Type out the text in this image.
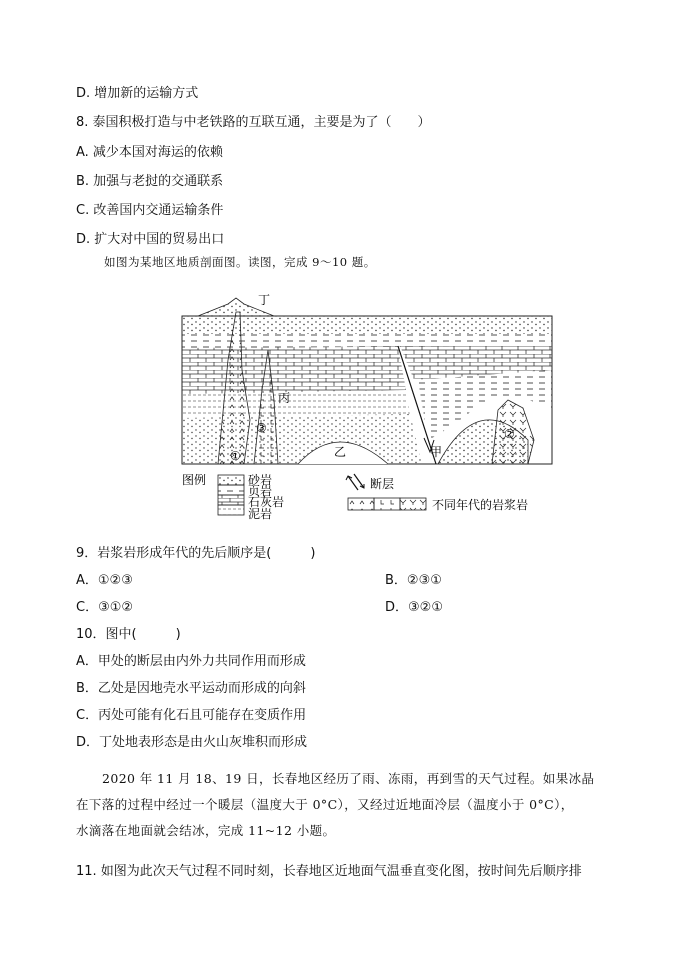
D. 增加新的运输方式
8. 泰国积极打造与中老铁路的互联互通，主要是为了（　　）
A. 减少本国对海运的依赖
B. 加强与老挝的交通联系
C. 改善国内交通运输条件
D. 扩大对中国的贸易出口
如图为某地区地质剖面图。读图，完成 9～10 题。
丁
丙
③
①	乙	甲
②
图例	砂岩
页岩
石灰岩
泥岩
断层
不同年代的岩浆岩
9．岩浆岩形成年代的先后顺序是(　　　)
A．①②③	B．②③①
C．③①②	D．③②①
10．图中(　　　)
A．甲处的断层由内外力共同作用而形成
B．乙处是因地壳水平运动而形成的向斜
C．丙处可能有化石且可能存在变质作用
D．丁处地表形态是由火山灰堆积而形成
2020 年 11 月 18、19 日，长春地区经历了雨、冻雨，再到雪的天气过程。如果冰晶
在下落的过程中经过一个暖层（温度大于 0°C），又经过近地面冷层（温度小于 0°C），
水滴落在地面就会结冰，完成 11~12 小题。
11. 如图为此次天气过程不同时刻，长春地区近地面气温垂直变化图，按时间先后顺序排
